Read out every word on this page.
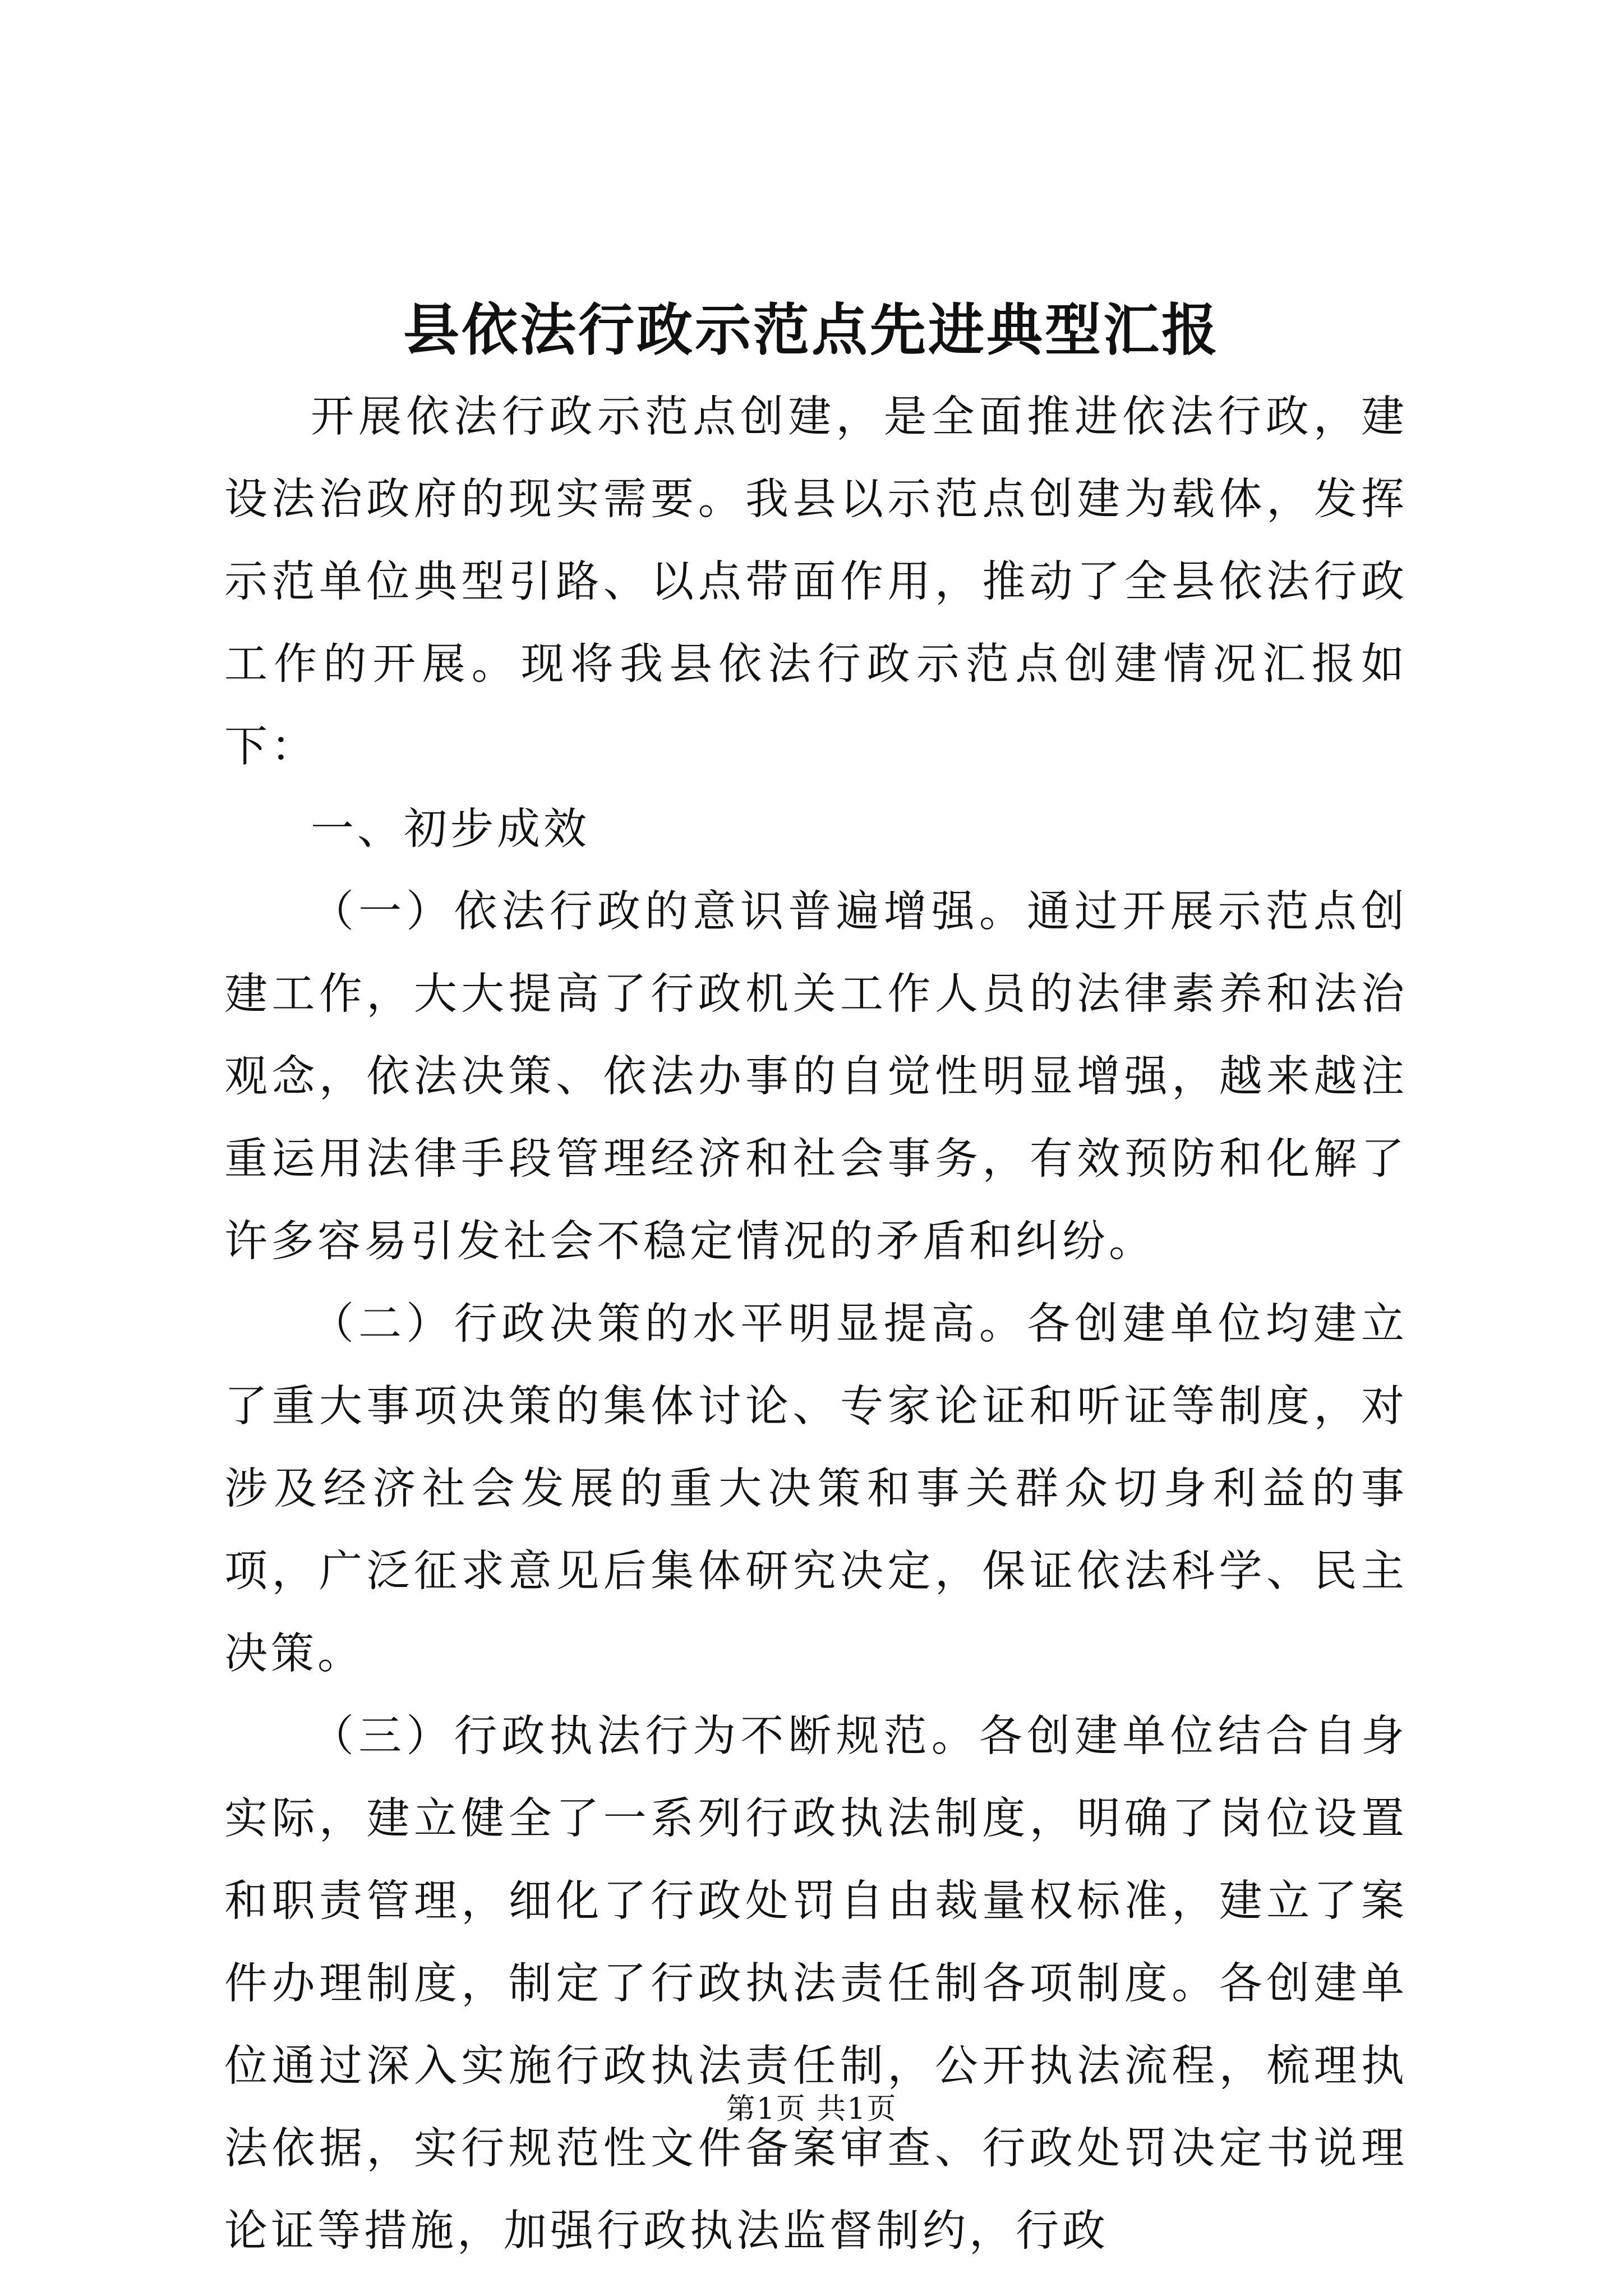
县依法行政示范点先进典型汇报

开展依法行政示范点创建，是全面推进依法行政，建设法治政府的现实需要。我县以示范点创建为载体，发挥示范单位典型引路、以点带面作用，推动了全县依法行政工作的开展。现将我县依法行政示范点创建情况汇报如下：

一、初步成效

（一）依法行政的意识普遍增强。通过开展示范点创建工作，大大提高了行政机关工作人员的法律素养和法治观念，依法决策、依法办事的自觉性明显增强，越来越注重运用法律手段管理经济和社会事务，有效预防和化解了许多容易引发社会不稳定情况的矛盾和纠纷。

（二）行政决策的水平明显提高。各创建单位均建立了重大事项决策的集体讨论、专家论证和听证等制度，对涉及经济社会发展的重大决策和事关群众切身利益的事项，广泛征求意见后集体研究决定，保证依法科学、民主决策。

（三）行政执法行为不断规范。各创建单位结合自身实际，建立健全了一系列行政执法制度，明确了岗位设置和职责管理，细化了行政处罚自由裁量权标准，建立了案件办理制度，制定了行政执法责任制各项制度。各创建单位通过深入实施行政执法责任制，公开执法流程，梳理执法依据，实行规范性文件备案审查、行政处罚决定书说理论证等措施，加强行政执法监督制约，行政

第1页 共1页
